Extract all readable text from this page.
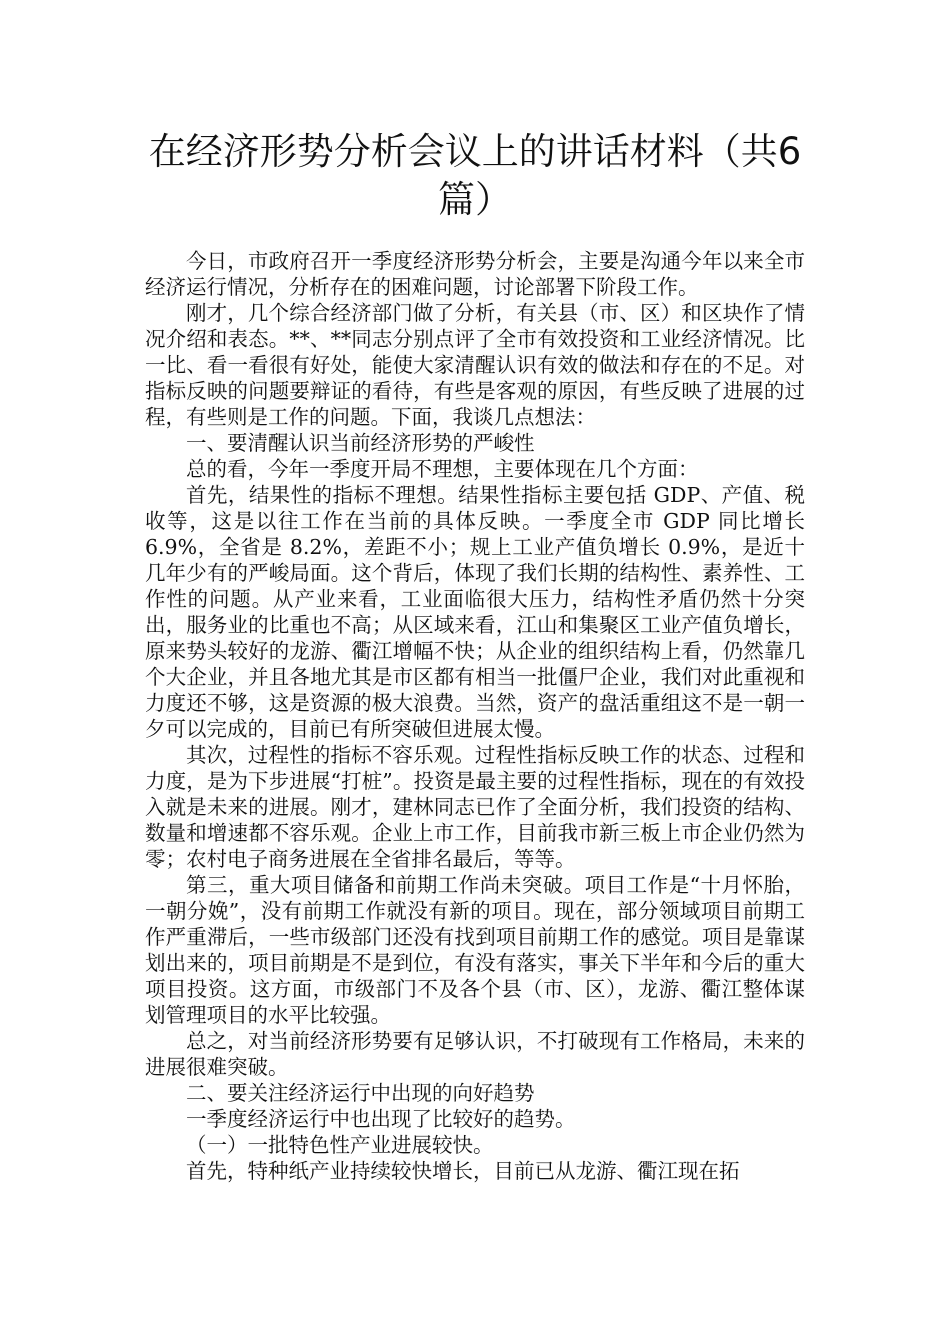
在经济形势分析会议上的讲话材料（共6篇）

今日，市政府召开一季度经济形势分析会，主要是沟通今年以来全市经济运行情况，分析存在的困难问题，讨论部署下阶段工作。

刚才，几个综合经济部门做了分析，有关县（市、区）和区块作了情况介绍和表态。**、**同志分别点评了全市有效投资和工业经济情况。比一比、看一看很有好处，能使大家清醒认识有效的做法和存在的不足。对指标反映的问题要辩证的看待，有些是客观的原因，有些反映了进展的过程，有些则是工作的问题。下面，我谈几点想法：

一、要清醒认识当前经济形势的严峻性

总的看，今年一季度开局不理想，主要体现在几个方面：

首先，结果性的指标不理想。结果性指标主要包括 GDP、产值、税收等，这是以往工作在当前的具体反映。一季度全市 GDP 同比增长6.9%，全省是 8.2%，差距不小；规上工业产值负增长 0.9%，是近十几年少有的严峻局面。这个背后，体现了我们长期的结构性、素养性、工作性的问题。从产业来看，工业面临很大压力，结构性矛盾仍然十分突出，服务业的比重也不高；从区域来看，江山和集聚区工业产值负增长，原来势头较好的龙游、衢江增幅不快；从企业的组织结构上看，仍然靠几个大企业，并且各地尤其是市区都有相当一批僵尸企业，我们对此重视和力度还不够，这是资源的极大浪费。当然，资产的盘活重组这不是一朝一夕可以完成的，目前已有所突破但进展太慢。

其次，过程性的指标不容乐观。过程性指标反映工作的状态、过程和力度，是为下步进展“打桩”。投资是最主要的过程性指标，现在的有效投入就是未来的进展。刚才，建林同志已作了全面分析，我们投资的结构、数量和增速都不容乐观。企业上市工作，目前我市新三板上市企业仍然为零；农村电子商务进展在全省排名最后，等等。

第三，重大项目储备和前期工作尚未突破。项目工作是“十月怀胎，一朝分娩”，没有前期工作就没有新的项目。现在，部分领域项目前期工作严重滞后，一些市级部门还没有找到项目前期工作的感觉。项目是靠谋划出来的，项目前期是不是到位，有没有落实，事关下半年和今后的重大项目投资。这方面，市级部门不及各个县（市、区），龙游、衢江整体谋划管理项目的水平比较强。

总之，对当前经济形势要有足够认识，不打破现有工作格局，未来的进展很难突破。

二、要关注经济运行中出现的向好趋势

一季度经济运行中也出现了比较好的趋势。

（一）一批特色性产业进展较快。

首先，特种纸产业持续较快增长，目前已从龙游、衢江现在拓
